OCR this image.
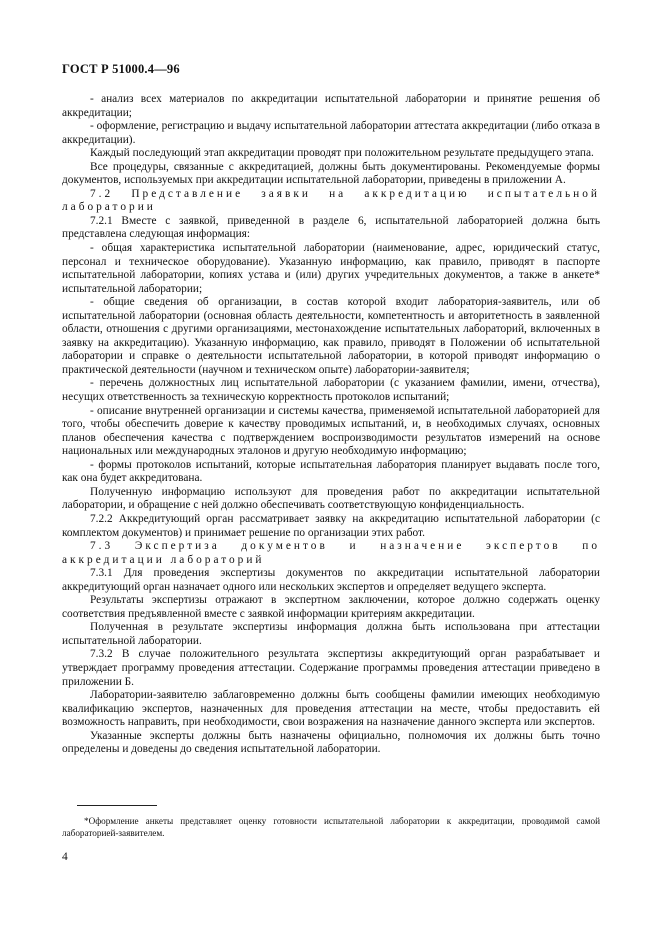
ГОСТ Р 51000.4—96

- анализ всех материалов по аккредитации испытательной лаборатории и принятие решения об аккредитации;

- оформление, регистрацию и выдачу испытательной лаборатории аттестата аккредитации (либо отказа в аккредитации).

Каждый последующий этап аккредитации проводят при положительном результате предыдущего этапа.

Все процедуры, связанные с аккредитацией, должны быть документированы. Рекомендуемые формы документов, используемых при аккредитации испытательной лаборатории, приведены в приложении А.

7.2 Представление заявки на аккредитацию испытательной лаборатории

7.2.1 Вместе с заявкой, приведенной в разделе 6, испытательной лабораторией должна быть представлена следующая информация:

- общая характеристика испытательной лаборатории (наименование, адрес, юридический статус, персонал и техническое оборудование). Указанную информацию, как правило, приводят в паспорте испытательной лаборатории, копиях устава и (или) других учредительных документов, а также в анкете* испытательной лаборатории;

- общие сведения об организации, в состав которой входит лаборатория-заявитель, или об испытательной лаборатории (основная область деятельности, компетентность и авторитетность в заявленной области, отношения с другими организациями, местонахождение испытательных лабораторий, включенных в заявку на аккредитацию). Указанную информацию, как правило, приводят в Положении об испытательной лаборатории и справке о деятельности испытательной лаборатории, в которой приводят информацию о практической деятельности (научном и техническом опыте) лаборатории-заявителя;

- перечень должностных лиц испытательной лаборатории (с указанием фамилии, имени, отчества), несущих ответственность за техническую корректность протоколов испытаний;

- описание внутренней организации и системы качества, применяемой испытательной лабораторией для того, чтобы обеспечить доверие к качеству проводимых испытаний, и, в необходимых случаях, основных планов обеспечения качества с подтверждением воспроизводимости результатов измерений на основе национальных или международных эталонов и другую необходимую информацию;

- формы протоколов испытаний, которые испытательная лаборатория планирует выдавать после того, как она будет аккредитована.

Полученную информацию используют для проведения работ по аккредитации испытательной лаборатории, и обращение с ней должно обеспечивать соответствующую конфиденциальность.

7.2.2 Аккредитующий орган рассматривает заявку на аккредитацию испытательной лаборатории (с комплектом документов) и принимает решение по организации этих работ.

7.3 Экспертиза документов и назначение экспертов по аккредитации лабораторий

7.3.1 Для проведения экспертизы документов по аккредитации испытательной лаборатории аккредитующий орган назначает одного или нескольких экспертов и определяет ведущего эксперта.

Результаты экспертизы отражают в экспертном заключении, которое должно содержать оценку соответствия предъявленной вместе с заявкой информации критериям аккредитации.

Полученная в результате экспертизы информация должна быть использована при аттестации испытательной лаборатории.

7.3.2 В случае положительного результата экспертизы аккредитующий орган разрабатывает и утверждает программу проведения аттестации. Содержание программы проведения аттестации приведено в приложении Б.

Лаборатории-заявителю заблаговременно должны быть сообщены фамилии имеющих необходимую квалификацию экспертов, назначенных для проведения аттестации на месте, чтобы предоставить ей возможность направить, при необходимости, свои возражения на назначение данного эксперта или экспертов.

Указанные эксперты должны быть назначены официально, полномочия их должны быть точно определены и доведены до сведения испытательной лаборатории.

*Оформление анкеты представляет оценку готовности испытательной лаборатории к аккредитации, проводимой самой лабораторией-заявителем.

4
